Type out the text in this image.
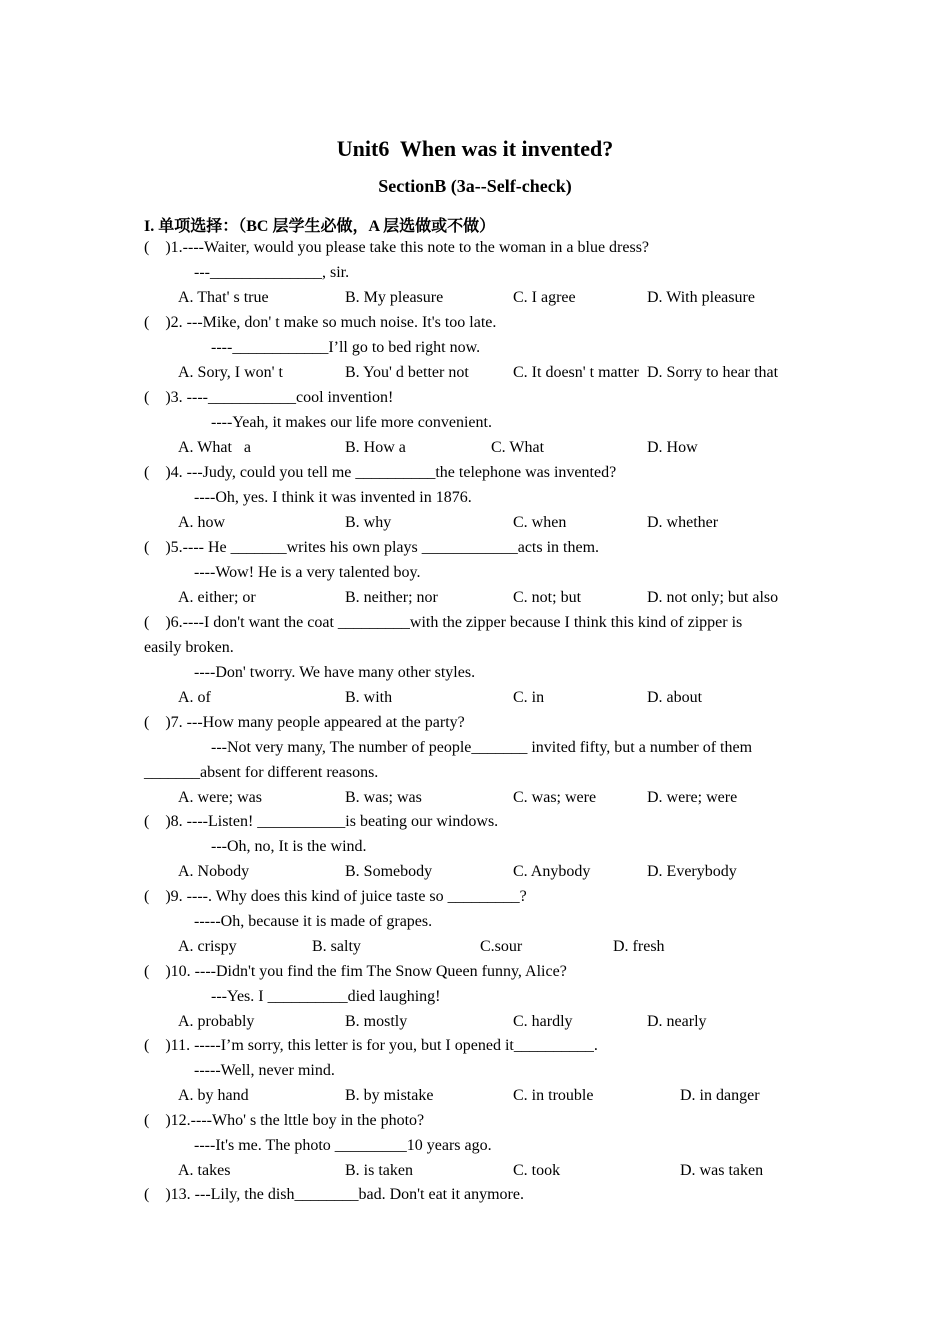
Unit6  When was it invented?
SectionB (3a--Self-check)
I. 单项选择：（BC 层学生必做，A 层选做或不做）
(    )1.----Waiter, would you please take this note to the woman in a blue dress?
---______________, sir.
A. That' s true	B. My pleasure	C. I agree	D. With pleasure
(    )2. ---Mike, don' t make so much noise. It's too late.
----____________I’ll go to bed right now.
A. Sory, I won' t	B. You' d better not	C. It doesn' t matter D. Sorry to hear that
(    )3. ----___________cool invention!
----Yeah, it makes our life more convenient.
A. What   a	B. How a	C. What	D. How
(    )4. ---Judy, could you tell me __________the telephone was invented?
----Oh, yes. I think it was invented in 1876.
A. how	B. why	C. when	D. whether
(    )5.---- He _______writes his own plays ____________acts in them.
----Wow! He is a very talented boy.
A. either; or	B. neither; nor	C. not; but	D. not only; but also
(    )6.----I don't want the coat _________with the zipper because I think this kind of zipper is
easily broken.
----Don' tworry. We have many other styles.
A. of	B. with	C. in	D. about
(    )7. ---How many people appeared at the party?
---Not very many, The number of people_______ invited fifty, but a number of them
_______absent for different reasons.
A. were; was	B. was; was	C. was; were	D. were; were
(    )8. ----Listen! ___________is beating our windows.
---Oh, no, It is the wind.
A. Nobody	B. Somebody	C. Anybody	D. Everybody
(    )9. ----. Why does this kind of juice taste so _________?
-----Oh, because it is made of grapes.
A. crispy	B. salty	C.sour	D. fresh
(    )10. ----Didn't you find the fim The Snow Queen funny, Alice?
---Yes. I __________died laughing!
A. probably	B. mostly	C. hardly	D. nearly
(    )11. -----I’m sorry, this letter is for you, but I opened it__________.
-----Well, never mind.
A. by hand	B. by mistake	C. in trouble	D. in danger
(    )12.----Who' s the lttle boy in the photo?
----It's me. The photo _________10 years ago.
A. takes	B. is taken	C. took	D. was taken
(    )13. ---Lily, the dish________bad. Don't eat it anymore.
